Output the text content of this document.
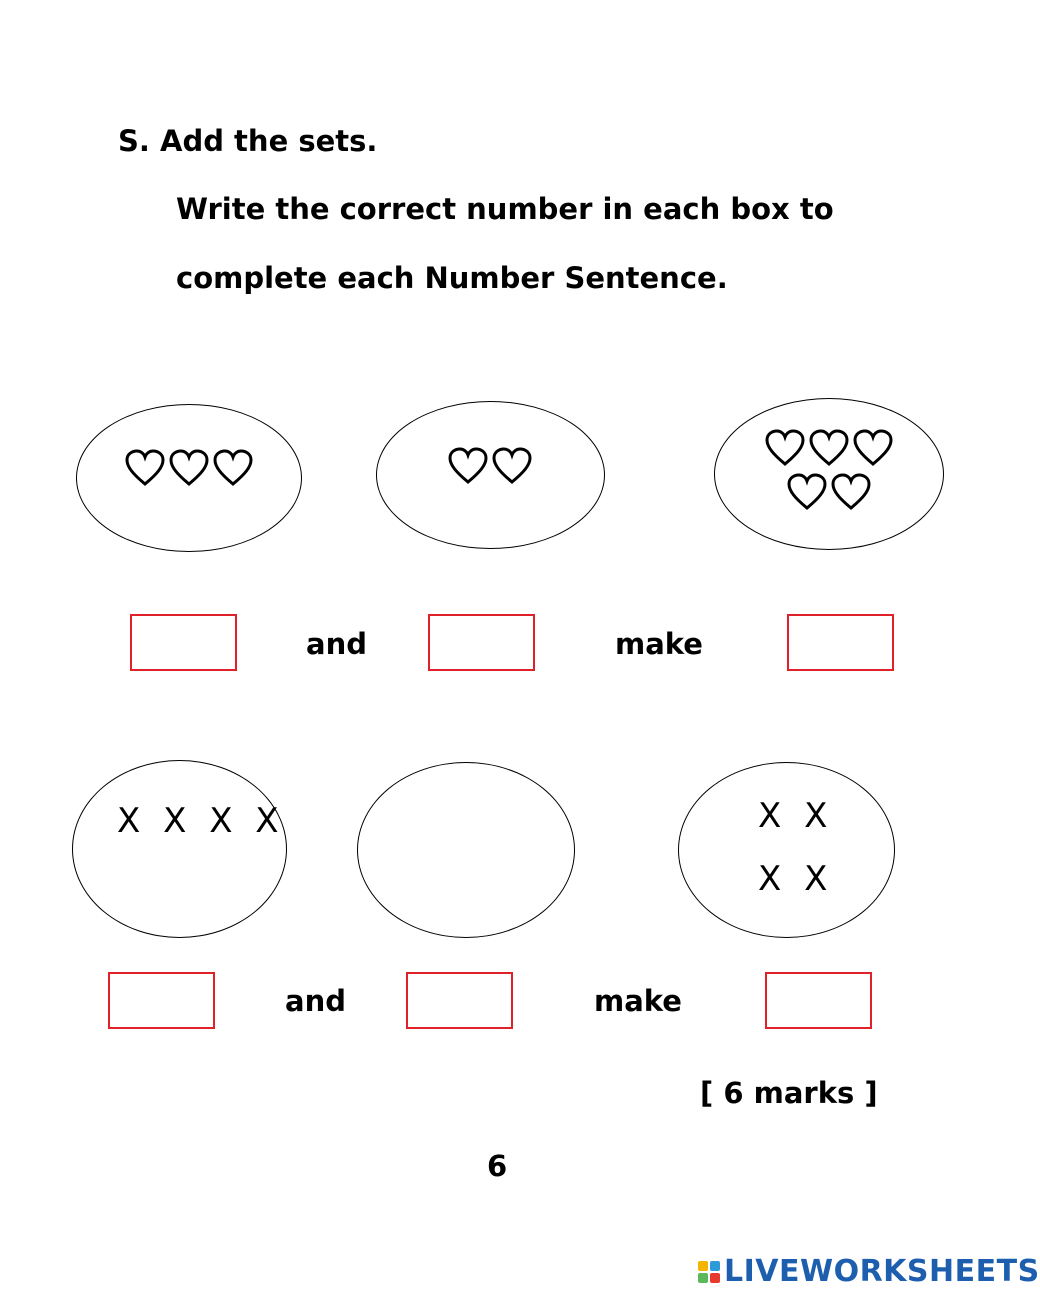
S. Add the sets.
Write the correct number in each box to
complete each Number Sentence.
and	make
X X X X	X X
X X
and	make
[ 6 marks ]
6
LIVEWORKSHEETS
